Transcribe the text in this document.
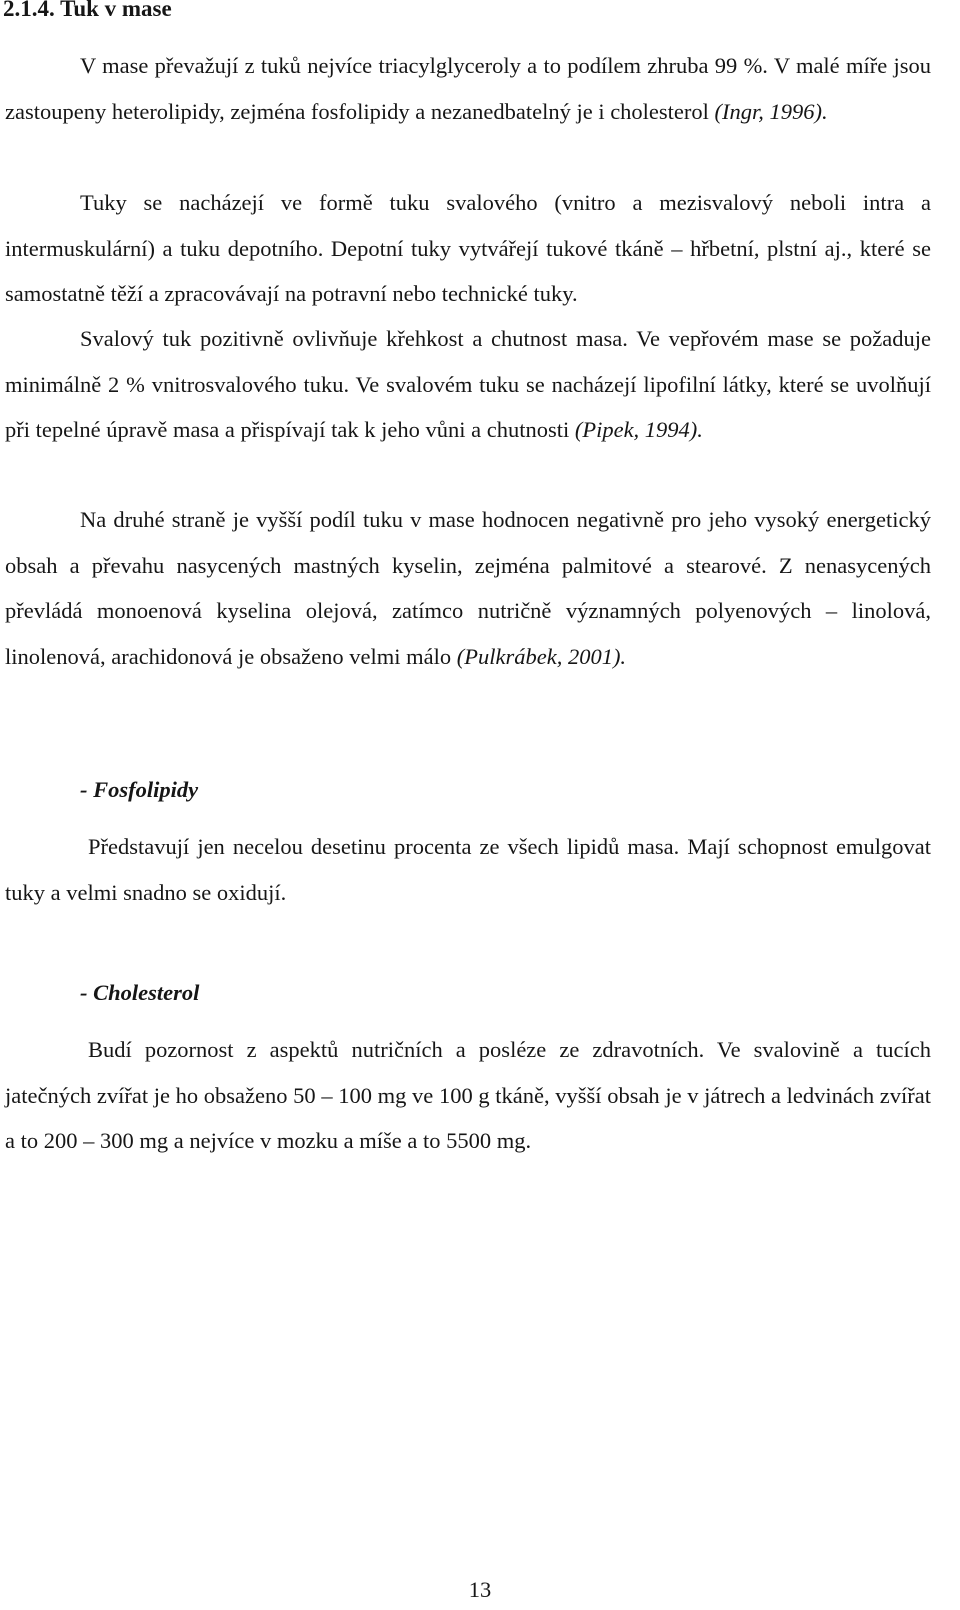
2.1.4. Tuk v mase

V mase převažují z tuků nejvíce triacylglyceroly a to podílem zhruba 99 %. V malé míře jsou zastoupeny heterolipidy, zejména fosfolipidy a nezanedbatelný je i cholesterol (Ingr, 1996).

Tuky se nacházejí ve formě tuku svalového (vnitro a mezisvalový neboli intra a intermuskulární) a tuku depotního. Depotní tuky vytvářejí tukové tkáně – hřbetní, plstní aj., které se samostatně těží a zpracovávají na potravní nebo technické tuky.

Svalový tuk pozitivně ovlivňuje křehkost a chutnost masa. Ve vepřovém mase se požaduje minimálně 2 % vnitrosvalového tuku. Ve svalovém tuku se nacházejí lipofilní látky, které se uvolňují při tepelné úpravě masa a přispívají tak k jeho vůni a chutnosti (Pipek, 1994).

Na druhé straně je vyšší podíl tuku v mase hodnocen negativně pro jeho vysoký energetický obsah a převahu nasycených mastných kyselin, zejména palmitové a stearové. Z nenasycených převládá monoenová kyselina olejová, zatímco nutričně významných polyenových – linolová, linolenová, arachidonová je obsaženo velmi málo (Pulkrábek, 2001).

- Fosfolipidy

Představují jen necelou desetinu procenta ze všech lipidů masa. Mají schopnost emulgovat tuky a velmi snadno se oxidují.

- Cholesterol

Budí pozornost z aspektů nutričních a posléze ze zdravotních. Ve svalovině a tucích jatečných zvířat je ho obsaženo 50 – 100 mg ve 100 g tkáně, vyšší obsah je v játrech a ledvinách zvířat a to 200 – 300 mg a nejvíce v mozku a míše a to 5500 mg.

13
